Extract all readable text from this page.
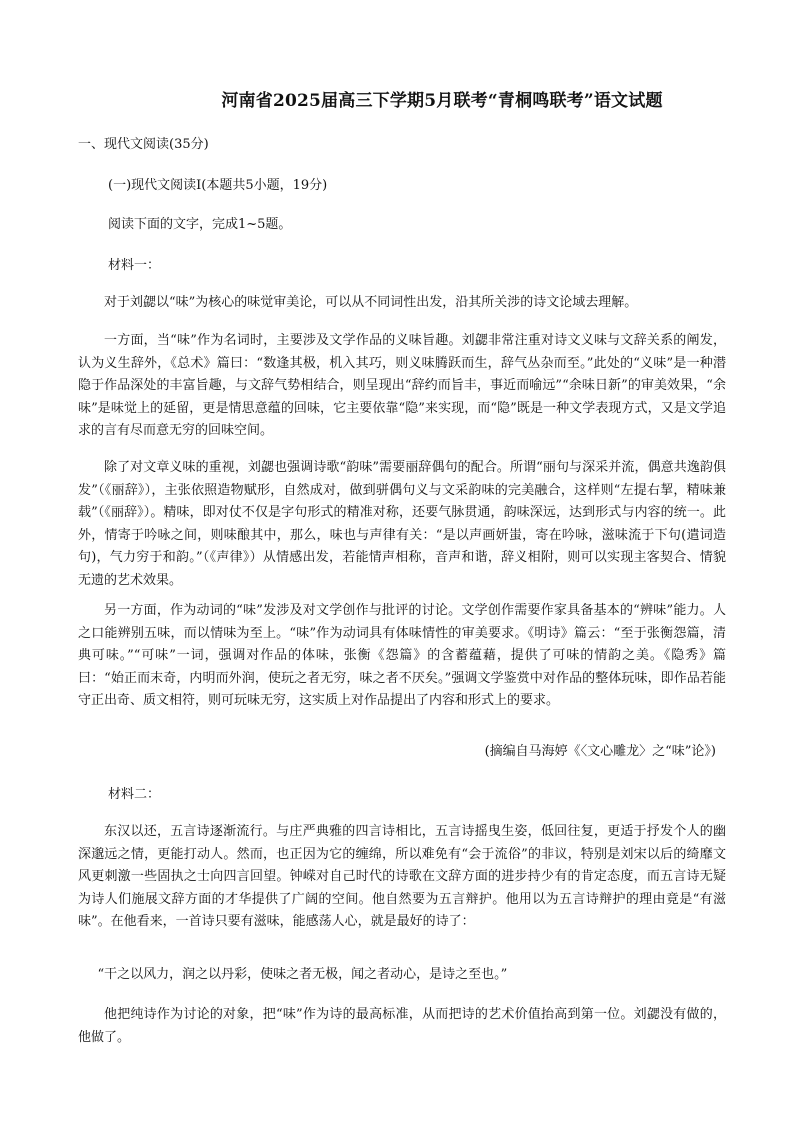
河南省2025届高三下学期5月联考“青桐鸣联考”语文试题
一、现代文阅读(35分)
(一)现代文阅读Ⅰ(本题共5小题，19分)
阅读下面的文字，完成1~5题。
材料一：
对于刘勰以“味”为核心的味觉审美论，可以从不同词性出发，沿其所关涉的诗文论域去理解。
一方面，当“味”作为名词时，主要涉及文学作品的义味旨趣。刘勰非常注重对诗文义味与文辞关系的阐发，认为义生辞外，《总术》篇曰：“数逢其极，机入其巧，则义味腾跃而生，辞气丛杂而至。”此处的“义味”是一种潜隐于作品深处的丰富旨趣，与文辞气势相结合，则呈现出“辞约而旨丰，事近而喻远”“余味日新”的审美效果，“余味”是味觉上的延留，更是情思意蕴的回味，它主要依靠“隐”来实现，而“隐”既是一种文学表现方式，又是文学追求的言有尽而意无穷的回味空间。
除了对文章义味的重视，刘勰也强调诗歌“韵味”需要丽辞偶句的配合。所谓“丽句与深采并流，偶意共逸韵俱发”（《丽辞》），主张依照造物赋形，自然成对，做到骈偶句义与文采韵味的完美融合，这样则“左提右挈，精味兼载”（《丽辞》）。精味，即对仗不仅是字句形式的精准对称，还要气脉贯通，韵味深远，达到形式与内容的统一。此外，情寄于吟咏之间，则味酿其中，那么，味也与声律有关：“是以声画妍蚩，寄在吟咏，滋味流于下句(遣词造句)，气力穷于和韵。”（《声律》）从情感出发，若能情声相称，音声和谐，辞义相附，则可以实现主客契合、情貌无遗的艺术效果。
另一方面，作为动词的“味”发涉及对文学创作与批评的讨论。文学创作需要作家具备基本的“辨味”能力。人之口能辨别五味，而以情味为至上。“味”作为动词具有体味情性的审美要求。《明诗》篇云：“至于张衡怨篇，清典可味。”“可味”一词，强调对作品的体味，张衡《怨篇》的含蓄蕴藉，提供了可味的情韵之美。《隐秀》篇曰：“始正而末奇，内明而外润，使玩之者无穷，味之者不厌矣。”强调文学鉴赏中对作品的整体玩味，即作品若能守正出奇、质文相符，则可玩味无穷，这实质上对作品提出了内容和形式上的要求。
(摘编自马海婷《〈文心雕龙〉之“味”论》)
材料二：
东汉以还，五言诗逐渐流行。与庄严典雅的四言诗相比，五言诗摇曳生姿，低回往复，更适于抒发个人的幽深邈远之情，更能打动人。然而，也正因为它的缠绵，所以难免有“会于流俗”的非议，特别是刘宋以后的绮靡文风更刺激一些固执之士向四言回望。钟嵘对自己时代的诗歌在文辞方面的进步持少有的肯定态度，而五言诗无疑为诗人们施展文辞方面的才华提供了广阔的空间。他自然要为五言辩护。他用以为五言诗辩护的理由竟是“有滋味”。在他看来，一首诗只要有滋味，能感荡人心，就是最好的诗了：
“干之以风力，润之以丹彩，使味之者无极，闻之者动心，是诗之至也。”
他把纯诗作为讨论的对象，把“味”作为诗的最高标准，从而把诗的艺术价值抬高到第一位。刘勰没有做的，他做了。
